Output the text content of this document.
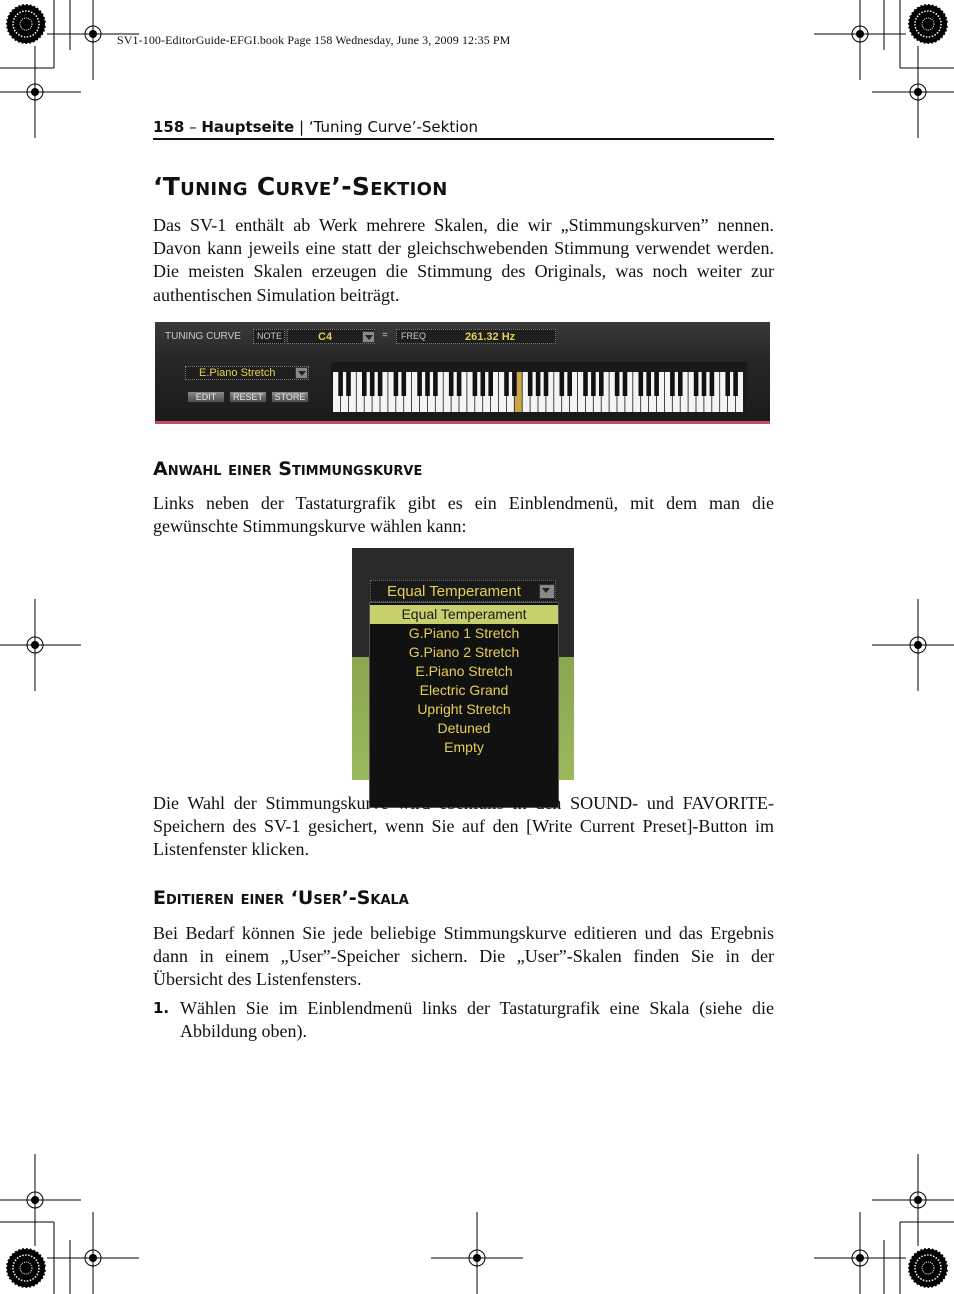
SV1-100-EditorGuide-EFGI.book Page 158 Wednesday, June 3, 2009 12:35 PM
158 – Hauptseite | ‘Tuning Curve’-Sektion
‘Tuning Curve’-Sektion
Das SV-1 enthält ab Werk mehrere Skalen, die wir „Stimmungskurven” nennen. Davon kann jeweils eine statt der gleichschwebenden Stimmung verwendet werden. Die meisten Skalen erzeugen die Stimmung des Originals, was noch weiter zur authentischen Simulation beiträgt.
TUNING CURVE NOTE	C4	= FREQ	261.32 Hz
E.Piano Stretch
EDIT	RESET	STORE
Anwahl einer Stimmungskurve
Links neben der Tastaturgrafik gibt es ein Einblendmenü, mit dem man die gewünschte Stimmungskurve wählen kann:
Equal Temperament
Equal Temperament
G.Piano 1 Stretch
G.Piano 2 Stretch
E.Piano Stretch
Electric Grand
Upright Stretch
Detuned
Empty
Die Wahl der Stimmungskurve wird ebenfalls in den SOUND- und FAVORITE-Speichern des SV-1 gesichert, wenn Sie auf den [Write Current Preset]-Button im Listenfenster klicken.
Editieren einer ‘User’-Skala
Bei Bedarf können Sie jede beliebige Stimmungskurve editieren und das Ergebnis dann in einem „User”-Speicher sichern. Die „User”-Skalen finden Sie in der Übersicht des Listenfensters.
1. Wählen Sie im Einblendmenü links der Tastaturgrafik eine Skala (siehe die Abbildung oben).
